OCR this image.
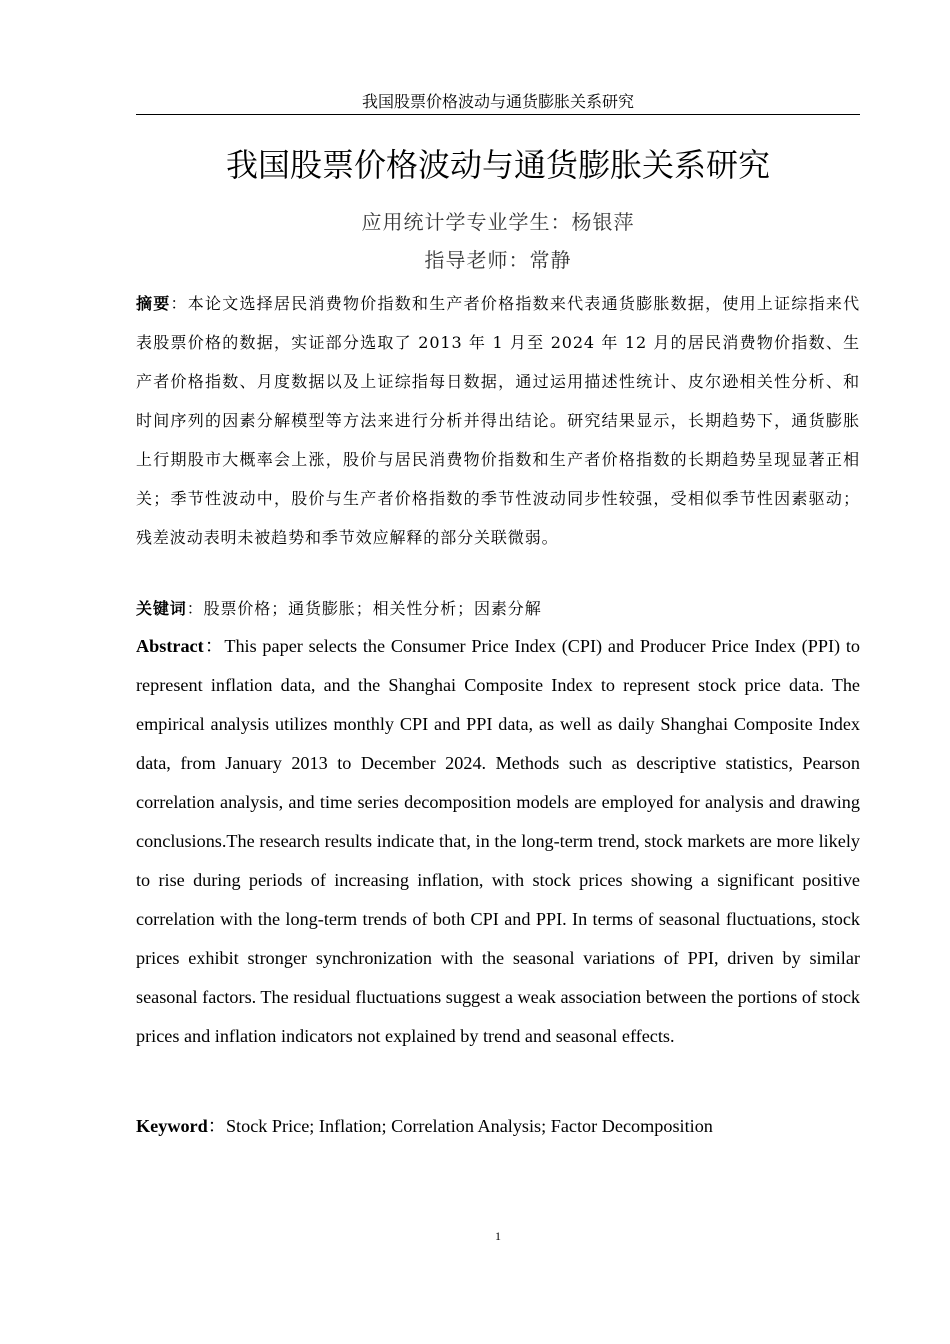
我国股票价格波动与通货膨胀关系研究
我国股票价格波动与通货膨胀关系研究
应用统计学专业学生：杨银萍
指导老师：常静

摘要：本论文选择居民消费物价指数和生产者价格指数来代表通货膨胀数据，使用上证综指来代表股票价格的数据，实证部分选取了 2013 年 1 月至 2024 年 12 月的居民消费物价指数、生产者价格指数、月度数据以及上证综指每日数据，通过运用描述性统计、皮尔逊相关性分析、和时间序列的因素分解模型等方法来进行分析并得出结论。研究结果显示，长期趋势下，通货膨胀上行期股市大概率会上涨，股价与居民消费物价指数和生产者价格指数的长期趋势呈现显著正相关；季节性波动中，股价与生产者价格指数的季节性波动同步性较强，受相似季节性因素驱动；残差波动表明未被趋势和季节效应解释的部分关联微弱。

关键词：股票价格；通货膨胀；相关性分析；因素分解

Abstract：This paper selects the Consumer Price Index (CPI) and Producer Price Index (PPI) to represent inflation data, and the Shanghai Composite Index to represent stock price data. The empirical analysis utilizes monthly CPI and PPI data, as well as daily Shanghai Composite Index data, from January 2013 to December 2024. Methods such as descriptive statistics, Pearson correlation analysis, and time series decomposition models are employed for analysis and drawing conclusions.The research results indicate that, in the long-term trend, stock markets are more likely to rise during periods of increasing inflation, with stock prices showing a significant positive correlation with the long-term trends of both CPI and PPI. In terms of seasonal fluctuations, stock prices exhibit stronger synchronization with the seasonal variations of PPI, driven by similar seasonal factors. The residual fluctuations suggest a weak association between the portions of stock prices and inflation indicators not explained by trend and seasonal effects.

Keyword：Stock Price; Inflation; Correlation Analysis; Factor Decomposition

1
